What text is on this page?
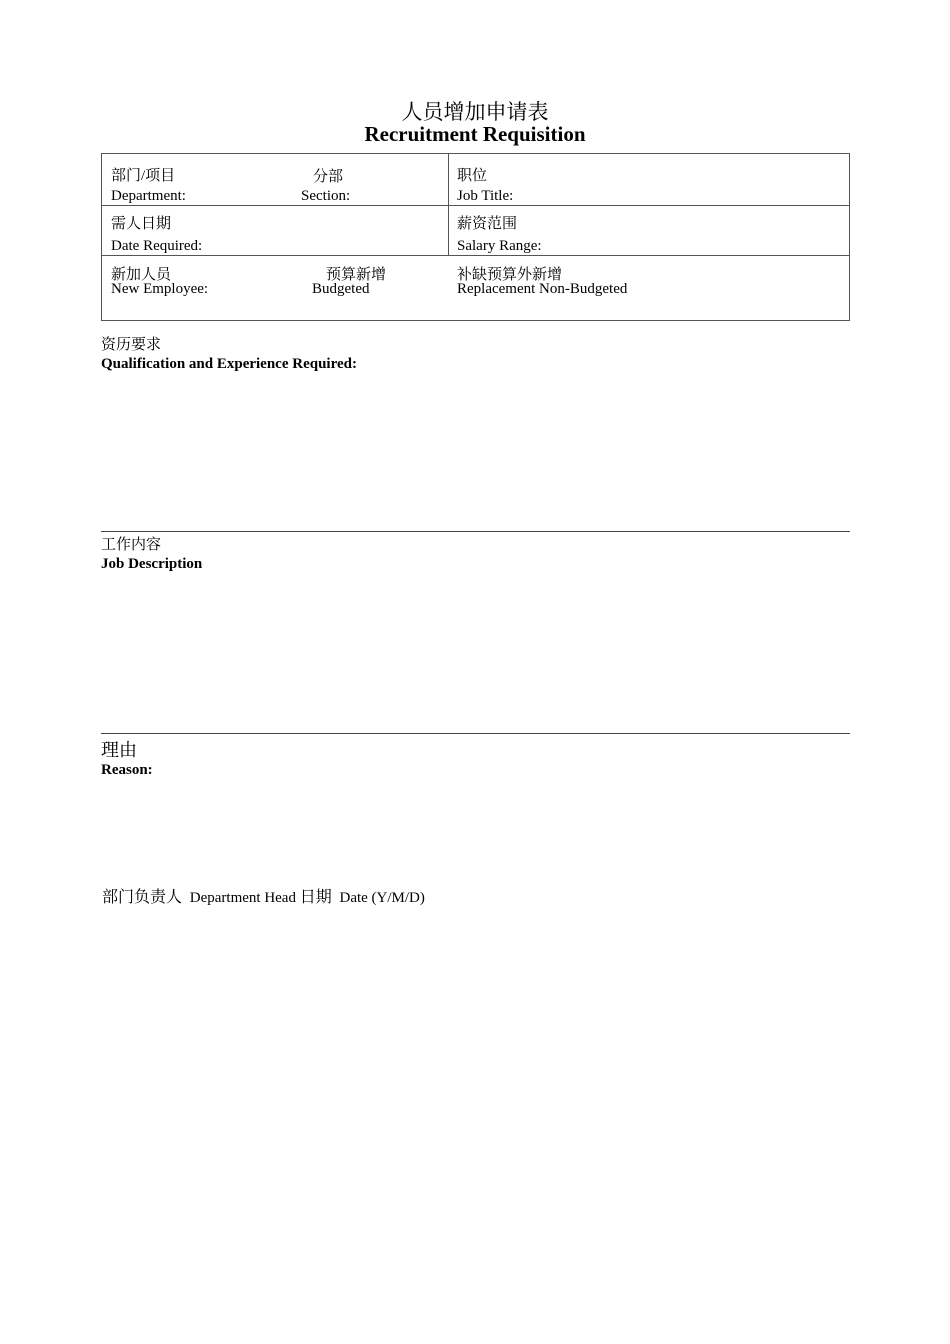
人员增加申请表
Recruitment Requisition
部门/项目	分部
Department:	Section:
职位
Job Title:
需人日期
Date Required:
薪资范围
Salary Range:
新加人员
New Employee:
预算新增
Budgeted
补缺预算外新增
Replacement Non-Budgeted
资历要求
Qualification and Experience Required:
工作内容
Job Description
理由
Reason:
部门负责人 Department Head 日期 Date (Y/M/D)
